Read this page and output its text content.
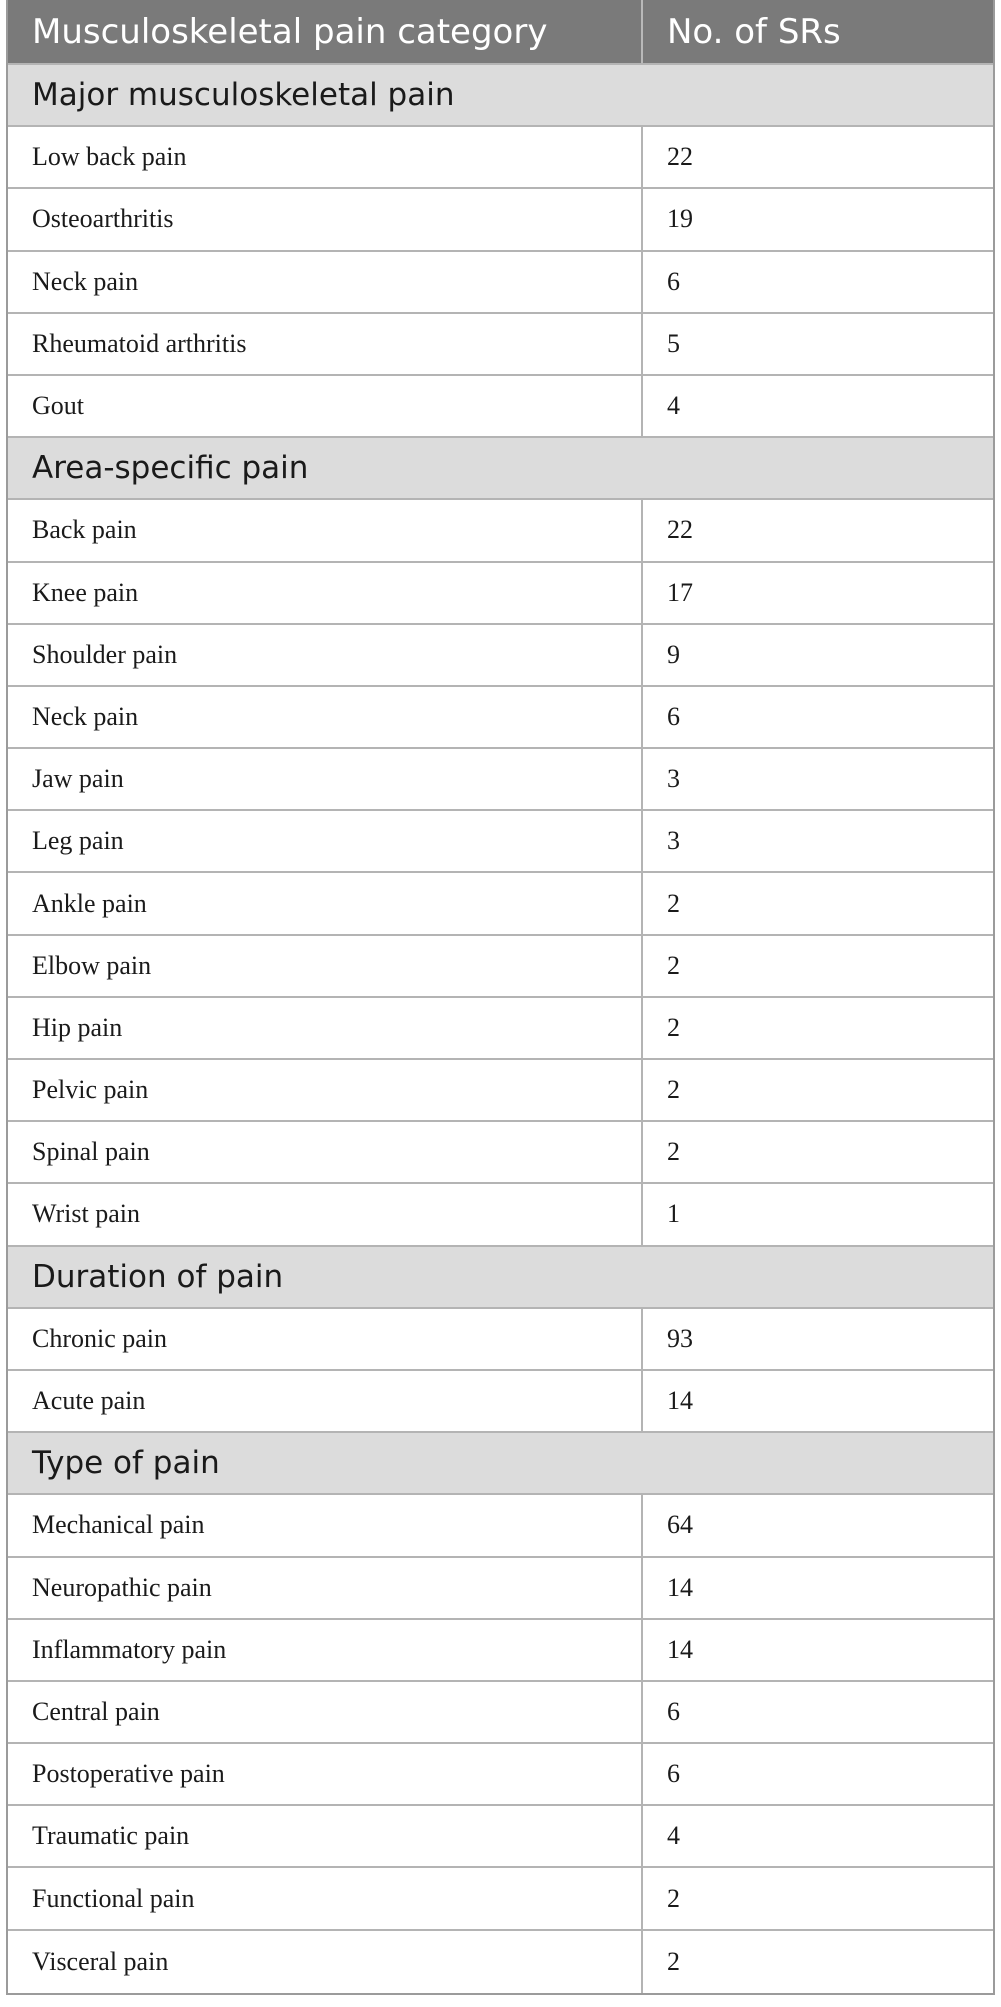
Musculoskeletal pain category	No. of SRs
Major musculoskeletal pain
Low back pain	22
Osteoarthritis	19
Neck pain	6
Rheumatoid arthritis	5
Gout	4
Area-specific pain
Back pain	22
Knee pain	17
Shoulder pain	9
Neck pain	6
Jaw pain	3
Leg pain	3
Ankle pain	2
Elbow pain	2
Hip pain	2
Pelvic pain	2
Spinal pain	2
Wrist pain	1
Duration of pain
Chronic pain	93
Acute pain	14
Type of pain
Mechanical pain	64
Neuropathic pain	14
Inflammatory pain	14
Central pain	6
Postoperative pain	6
Traumatic pain	4
Functional pain	2
Visceral pain	2
